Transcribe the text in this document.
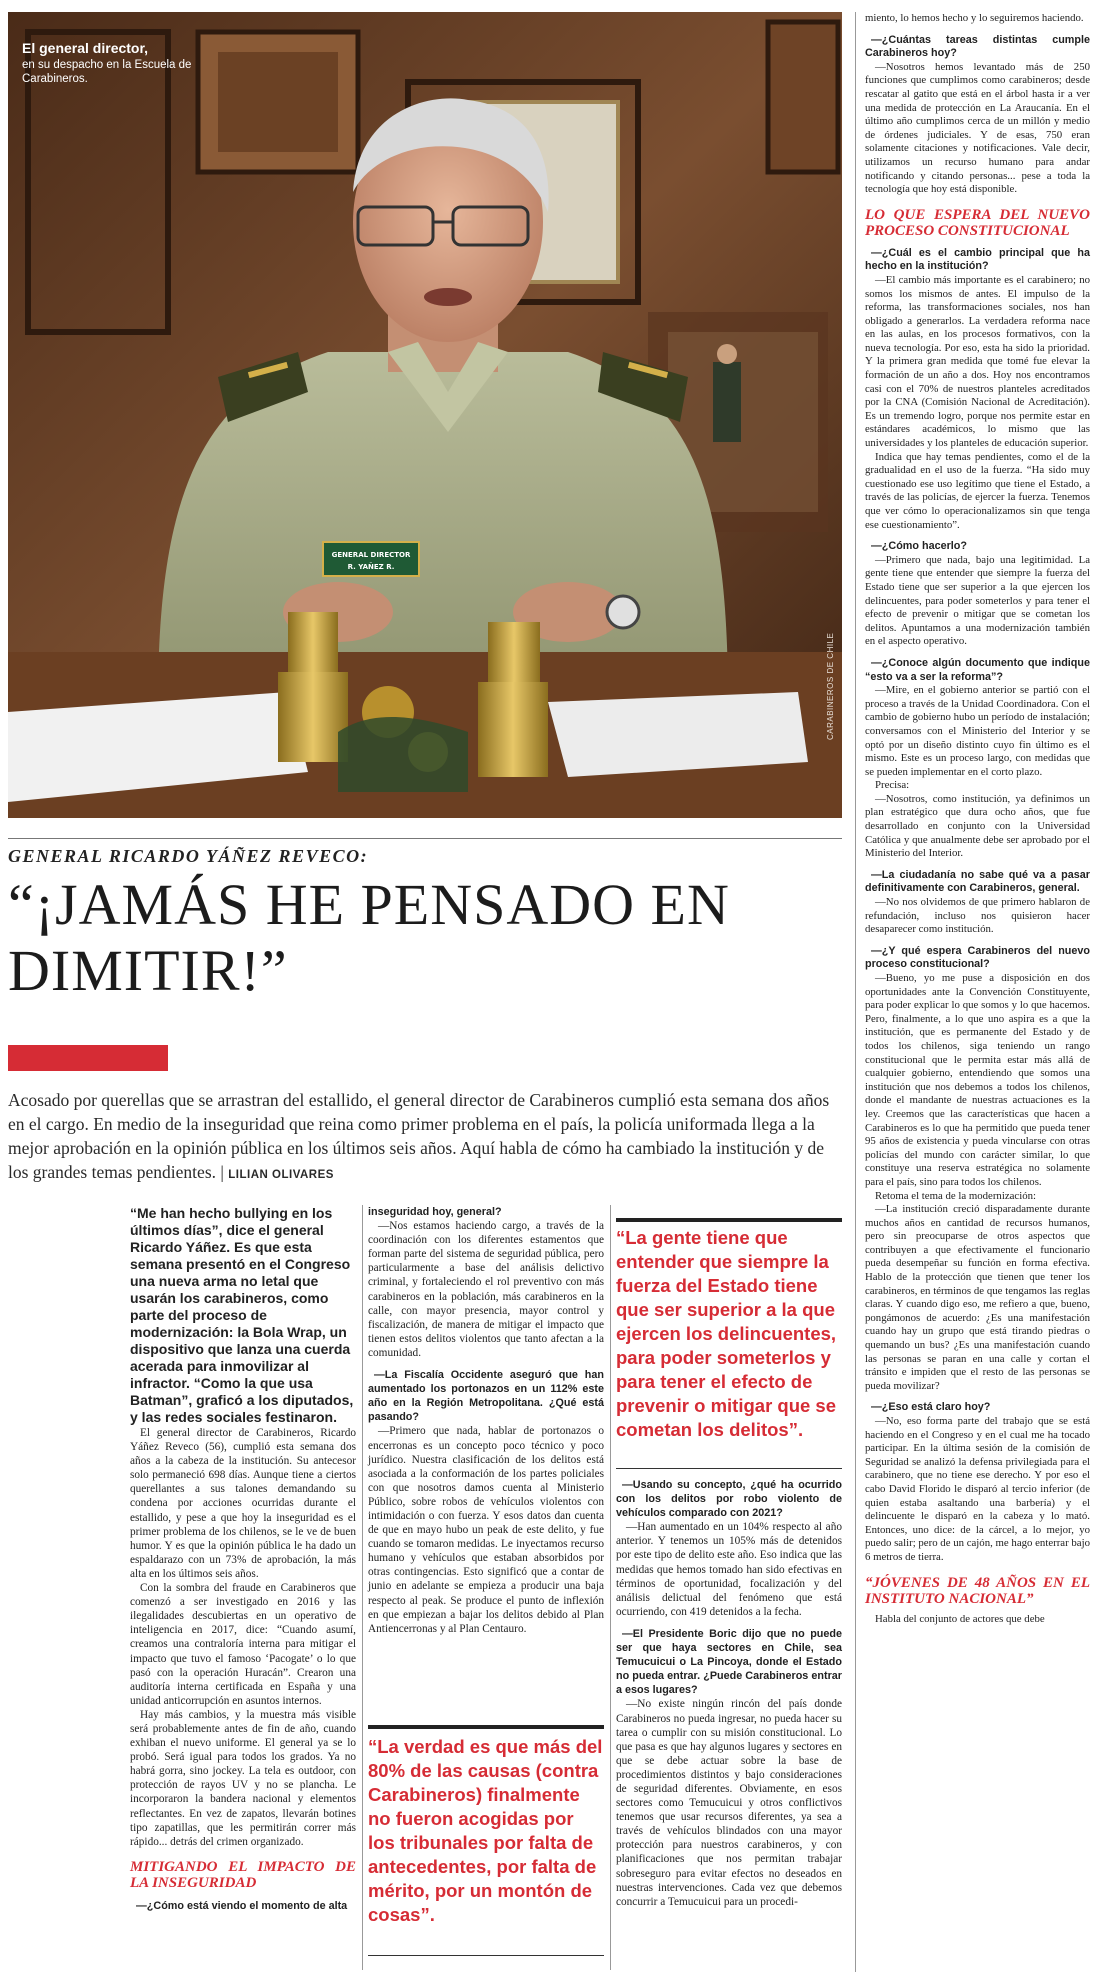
GENERAL DIRECTOR
R. YAÑEZ R.
El general director,
en su despacho en la Escuela de Carabineros.
CARABINEROS DE CHILE
GENERAL RICARDO YÁÑEZ REVECO:
“¡JAMÁS HE PENSADO EN DIMITIR!”
Acosado por querellas que se arrastran del estallido, el general director de Carabineros cumplió esta semana dos años en el cargo. En medio de la inseguridad que reina como primer problema en el país, la policía uniformada llega a la mejor aprobación en la opinión pública en los últimos seis años. Aquí habla de cómo ha cambiado la institución y de los grandes temas pendientes. | LILIAN OLIVARES

“Me han hecho bullying en los últimos días”, dice el general Ricardo Yáñez. Es que esta semana presentó en el Congreso una nueva arma no letal que usarán los carabineros, como parte del proceso de modernización: la Bola Wrap, un dispositivo que lanza una cuerda acerada para inmovilizar al infractor. “Como la que usa Batman”, graficó a los diputados, y las redes sociales festinaron.

El general director de Carabineros, Ricardo Yáñez Reveco (56), cumplió esta semana dos años a la cabeza de la institución. Su antecesor solo permaneció 698 días. Aunque tiene a ciertos querellantes a sus talones demandando su condena por acciones ocurridas durante el estallido, y pese a que hoy la inseguridad es el primer problema de los chilenos, se le ve de buen humor. Y es que la opinión pública le ha dado un espaldarazo con un 73% de aprobación, la más alta en los últimos seis años.

Con la sombra del fraude en Carabineros que comenzó a ser investigado en 2016 y las ilegalidades descubiertas en un operativo de inteligencia en 2017, dice: “Cuando asumí, creamos una contraloría interna para mitigar el impacto que tuvo el famoso ‘Pacogate’ o lo que pasó con la operación Huracán”. Crearon una auditoría interna certificada en España y una unidad anticorrupción en asuntos internos.

Hay más cambios, y la muestra más visible será probablemente antes de fin de año, cuando exhiban el nuevo uniforme. El general ya se lo probó. Será igual para todos los grados. Ya no habrá gorra, sino jockey. La tela es outdoor, con protección de rayos UV y no se plancha. Le incorporaron la bandera nacional y elementos reflectantes. En vez de zapatos, llevarán botines tipo zapatillas, que les permitirán correr más rápido... detrás del crimen organizado.

MITIGANDO EL IMPACTO DE LA INSEGURIDAD

—¿Cómo está viendo el momento de alta

inseguridad hoy, general?

—Nos estamos haciendo cargo, a través de la coordinación con los diferentes estamentos que forman parte del sistema de seguridad pública, pero particularmente a base del análisis delictivo criminal, y fortaleciendo el rol preventivo con más carabineros en la población, más carabineros en la calle, con mayor presencia, mayor control y fiscalización, de manera de mitigar el impacto que tienen estos delitos violentos que tanto afectan a la comunidad.

—La Fiscalía Occidente aseguró que han aumentado los portonazos en un 112% este año en la Región Metropolitana. ¿Qué está pasando?

—Primero que nada, hablar de portonazos o encerronas es un concepto poco técnico y poco jurídico. Nuestra clasificación de los delitos está asociada a la conformación de los partes policiales con que nosotros damos cuenta al Ministerio Público, sobre robos de vehículos violentos con intimidación o con fuerza. Y esos datos dan cuenta de que en mayo hubo un peak de este delito, y fue cuando se tomaron medidas. Le inyectamos recurso humano y vehículos que estaban absorbidos por otras contingencias. Esto significó que a contar de junio en adelante se empieza a producir una baja respecto al peak. Se produce el punto de inflexión en que empiezan a bajar los delitos debido al Plan Antiencerronas y al Plan Centauro.

“La verdad es que más del 80% de las causas (contra Carabineros) finalmente no fueron acogidas por los tribunales por falta de antecedentes, por falta de mérito, por un montón de cosas”.
“La gente tiene que entender que siempre la fuerza del Estado tiene que ser superior a la que ejercen los delincuentes, para poder someterlos y para tener el efecto de prevenir o mitigar que se cometan los delitos”.

—Usando su concepto, ¿qué ha ocurrido con los delitos por robo violento de vehículos comparado con 2021?

—Han aumentado en un 104% respecto al año anterior. Y tenemos un 105% más de detenidos por este tipo de delito este año. Eso indica que las medidas que hemos tomado han sido efectivas en términos de oportunidad, focalización y del análisis delictual del fenómeno que está ocurriendo, con 419 detenidos a la fecha.

—El Presidente Boric dijo que no puede ser que haya sectores en Chile, sea Temucuicui o La Pincoya, donde el Estado no pueda entrar. ¿Puede Carabineros entrar a esos lugares?

—No existe ningún rincón del país donde Carabineros no pueda ingresar, no pueda hacer su tarea o cumplir con su misión constitucional. Lo que pasa es que hay algunos lugares y sectores en que se debe actuar sobre la base de procedimientos distintos y bajo consideraciones de seguridad diferentes. Obviamente, en esos sectores como Temucuicui y otros conflictivos tenemos que usar recursos diferentes, ya sea a través de vehículos blindados con una mayor protección para nuestros carabineros, y con planificaciones que nos permitan trabajar sobreseguro para evitar efectos no deseados en nuestras intervenciones. Cada vez que debemos concurrir a Temucuicui para un procedi-

miento, lo hemos hecho y lo seguiremos haciendo.

—¿Cuántas tareas distintas cumple Carabineros hoy?

—Nosotros hemos levantado más de 250 funciones que cumplimos como carabineros; desde rescatar al gatito que está en el árbol hasta ir a ver una medida de protección en La Araucanía. En el último año cumplimos cerca de un millón y medio de órdenes judiciales. Y de esas, 750 eran solamente citaciones y notificaciones. Vale decir, utilizamos un recurso humano para andar notificando y citando personas... pese a toda la tecnología que hoy está disponible.

LO QUE ESPERA DEL NUEVO PROCESO CONSTITUCIONAL

—¿Cuál es el cambio principal que ha hecho en la institución?

—El cambio más importante es el carabinero; no somos los mismos de antes. El impulso de la reforma, las transformaciones sociales, nos han obligado a generarlos. La verdadera reforma nace en las aulas, en los procesos formativos, con la nueva tecnología. Por eso, esta ha sido la prioridad. Y la primera gran medida que tomé fue elevar la formación de un año a dos. Hoy nos encontramos casi con el 70% de nuestros planteles acreditados por la CNA (Comisión Nacional de Acreditación). Es un tremendo logro, porque nos permite estar en estándares académicos, lo mismo que las universidades y los planteles de educación superior.

Indica que hay temas pendientes, como el de la gradualidad en el uso de la fuerza. “Ha sido muy cuestionado ese uso legítimo que tiene el Estado, a través de las policías, de ejercer la fuerza. Tenemos que ver cómo lo operacionalizamos sin que tenga ese cuestionamiento”.

—¿Cómo hacerlo?

—Primero que nada, bajo una legitimidad. La gente tiene que entender que siempre la fuerza del Estado tiene que ser superior a la que ejercen los delincuentes, para poder someterlos y para tener el efecto de prevenir o mitigar que se cometan los delitos. Apuntamos a una modernización también en el aspecto operativo.

—¿Conoce algún documento que indique “esto va a ser la reforma”?

—Mire, en el gobierno anterior se partió con el proceso a través de la Unidad Coordinadora. Con el cambio de gobierno hubo un período de instalación; conversamos con el Ministerio del Interior y se optó por un diseño distinto cuyo fin último es el mismo. Este es un proceso largo, con medidas que se pueden implementar en el corto plazo.

Precisa:

—Nosotros, como institución, ya definimos un plan estratégico que dura ocho años, que fue desarrollado en conjunto con la Universidad Católica y que anualmente debe ser aprobado por el Ministerio del Interior.

—La ciudadanía no sabe qué va a pasar definitivamente con Carabineros, general.

—No nos olvidemos de que primero hablaron de refundación, incluso nos quisieron hacer desaparecer como institución.

—¿Y qué espera Carabineros del nuevo proceso constitucional?

—Bueno, yo me puse a disposición en dos oportunidades ante la Convención Constituyente, para poder explicar lo que somos y lo que hacemos. Pero, finalmente, a lo que uno aspira es a que la institución, que es permanente del Estado y de todos los chilenos, siga teniendo un rango constitucional que le permita estar más allá de cualquier gobierno, entendiendo que somos una institución que nos debemos a todos los chilenos, donde el mandante de nuestras actuaciones es la ley. Creemos que las características que hacen a Carabineros es lo que ha permitido que pueda tener 95 años de existencia y pueda vincularse con otras policías del mundo con carácter similar, lo que constituye una reserva estratégica no solamente para el país, sino para todos los chilenos.

Retoma el tema de la modernización:

—La institución creció disparadamente durante muchos años en cantidad de recursos humanos, pero sin preocuparse de otros aspectos que contribuyen a que efectivamente el funcionario pueda desempeñar su función en forma efectiva. Hablo de la protección que tienen que tener los carabineros, en términos de que tengamos las reglas claras. Y cuando digo eso, me refiero a que, bueno, pongámonos de acuerdo: ¿Es una manifestación cuando hay un grupo que está tirando piedras o quemando un bus? ¿Es una manifestación cuando las personas se paran en una calle y cortan el tránsito e impiden que el resto de las personas se pueda movilizar?

—¿Eso está claro hoy?

—No, eso forma parte del trabajo que se está haciendo en el Congreso y en el cual me ha tocado participar. En la última sesión de la comisión de Seguridad se analizó la defensa privilegiada para el carabinero, que no tiene ese derecho. Y por eso el cabo David Florido le disparó al tercio inferior (de quien estaba asaltando una barbería) y el delincuente le disparó en la cabeza y lo mató. Entonces, uno dice: de la cárcel, a lo mejor, yo puedo salir; pero de un cajón, me hago enterrar bajo 6 metros de tierra.

“JÓVENES DE 48 AÑOS EN EL INSTITUTO NACIONAL”

Habla del conjunto de actores que debe
